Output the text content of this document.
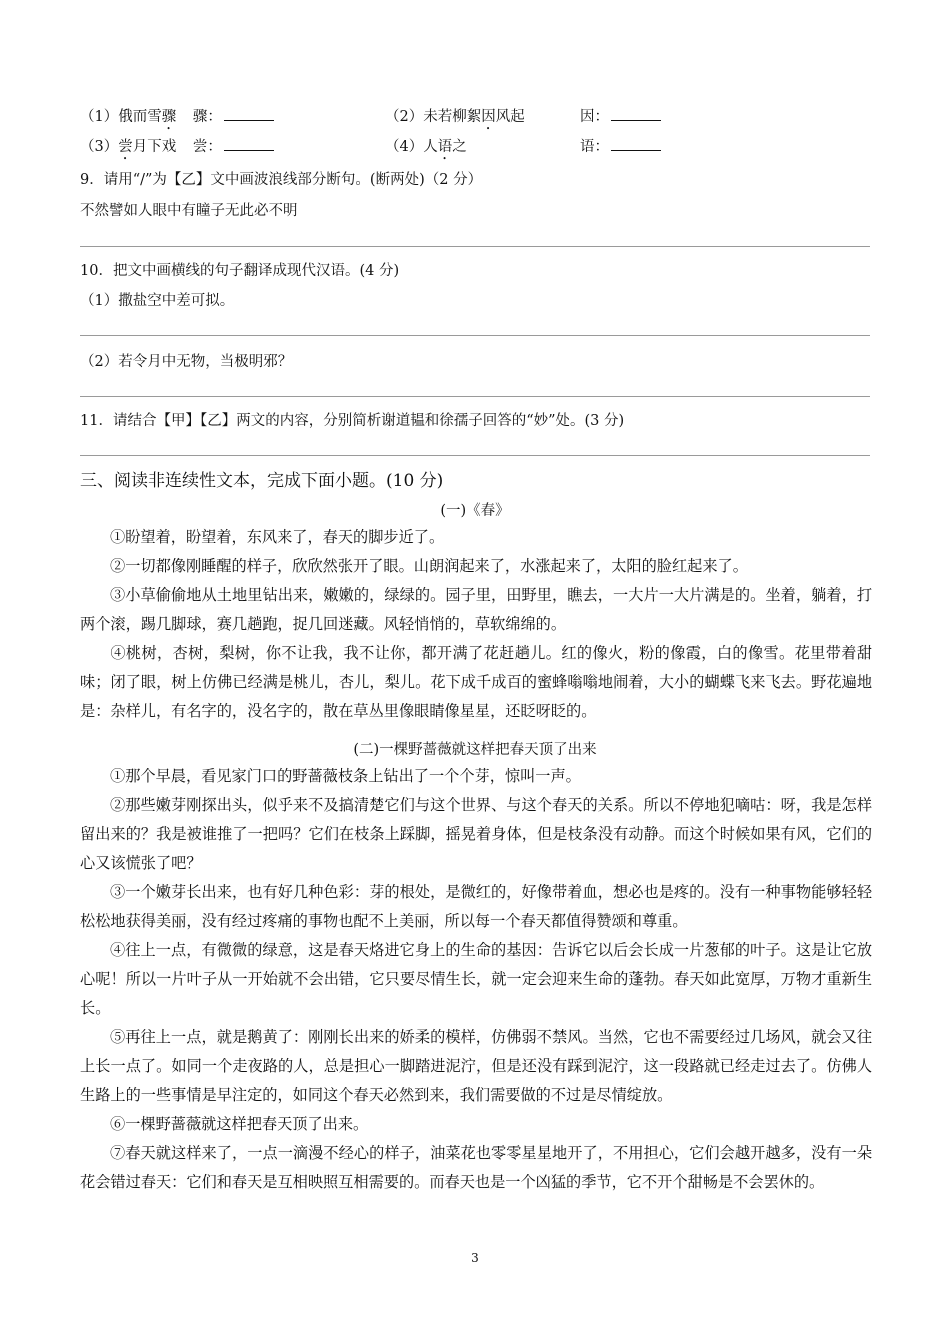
（1）俄而雪骤 骤：	（2）未若柳絮因风起	因：
（3）尝月下戏 尝：	（4）人语之	语：
9．请用“/”为【乙】文中画波浪线部分断句。(断两处)（2 分）
不然譬如人眼中有瞳子无此必不明
10．把文中画横线的句子翻译成现代汉语。(4 分)
（1）撒盐空中差可拟。
（2）若令月中无物，当极明邪？
11．请结合【甲】【乙】两文的内容，分别简析谢道韫和徐孺子回答的“妙”处。(3 分)
三、阅读非连续性文本，完成下面小题。(10 分)
(一)《春》
①盼望着，盼望着，东风来了，春天的脚步近了。
②一切都像刚睡醒的样子，欣欣然张开了眼。山朗润起来了，水涨起来了，太阳的脸红起来了。
③小草偷偷地从土地里钻出来，嫩嫩的，绿绿的。园子里，田野里，瞧去，一大片一大片满是的。坐着，躺着，打两个滚，踢几脚球，赛几趟跑，捉几回迷藏。风轻悄悄的，草软绵绵的。
④桃树，杏树，梨树，你不让我，我不让你，都开满了花赶趟儿。红的像火，粉的像霞，白的像雪。花里带着甜味；闭了眼，树上仿佛已经满是桃儿，杏儿，梨儿。花下成千成百的蜜蜂嗡嗡地闹着，大小的蝴蝶飞来飞去。野花遍地是：杂样儿，有名字的，没名字的，散在草丛里像眼睛像星星，还眨呀眨的。
(二)一棵野蔷薇就这样把春天顶了出来
①那个早晨，看见家门口的野蔷薇枝条上钻出了一个个芽，惊叫一声。
②那些嫩芽刚探出头，似乎来不及搞清楚它们与这个世界、与这个春天的关系。所以不停地犯嘀咕：呀，我是怎样留出来的？我是被谁推了一把吗？它们在枝条上踩脚，摇晃着身体，但是枝条没有动静。而这个时候如果有风，它们的心又该慌张了吧？
③一个嫩芽长出来，也有好几种色彩：芽的根处，是微红的，好像带着血，想必也是疼的。没有一种事物能够轻轻松松地获得美丽，没有经过疼痛的事物也配不上美丽，所以每一个春天都值得赞颂和尊重。
④往上一点，有微微的绿意，这是春天烙进它身上的生命的基因：告诉它以后会长成一片葱郁的叶子。这是让它放心呢！所以一片叶子从一开始就不会出错，它只要尽情生长，就一定会迎来生命的蓬勃。春天如此宽厚，万物才重新生长。
⑤再往上一点，就是鹅黄了：刚刚长出来的娇柔的模样，仿佛弱不禁风。当然，它也不需要经过几场风，就会又往上长一点了。如同一个走夜路的人，总是担心一脚踏进泥泞，但是还没有踩到泥泞，这一段路就已经走过去了。仿佛人生路上的一些事情是早注定的，如同这个春天必然到来，我们需要做的不过是尽情绽放。
⑥一棵野蔷薇就这样把春天顶了出来。
⑦春天就这样来了，一点一滴漫不经心的样子，油菜花也零零星星地开了，不用担心，它们会越开越多，没有一朵花会错过春天：它们和春天是互相映照互相需要的。而春天也是一个凶猛的季节，它不开个甜畅是不会罢休的。
3
